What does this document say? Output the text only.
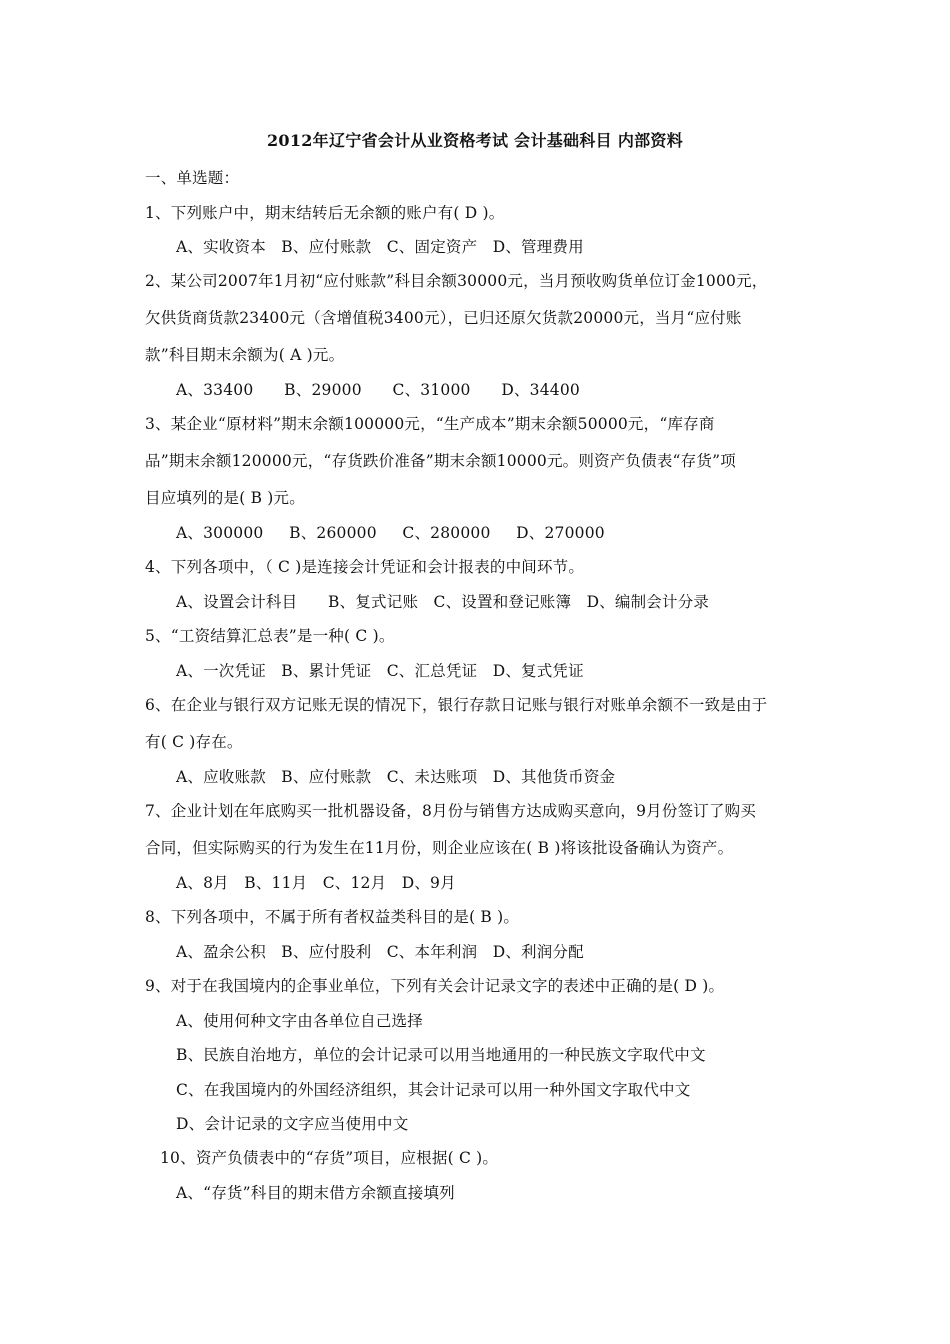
2012年辽宁省会计从业资格考试 会计基础科目 内部资料
一、单选题：
1、下列账户中，期末结转后无余额的账户有( D )。
A、实收资本   B、应付账款   C、固定资产   D、管理费用
2、某公司2007年1月初“应付账款”科目余额30000元，当月预收购货单位订金1000元，
欠供货商货款23400元（含增值税3400元），已归还原欠货款20000元，当月“应付账
款”科目期末余额为( A )元。
A、33400      B、29000      C、31000      D、34400
3、某企业“原材料”期末余额100000元，“生产成本”期末余额50000元，“库存商
品”期末余额120000元，“存货跌价准备”期末余额10000元。则资产负债表“存货”项
目应填列的是( B )元。
A、300000     B、260000     C、280000     D、270000
4、下列各项中，（ C )是连接会计凭证和会计报表的中间环节。
A、设置会计科目      B、复式记账   C、设置和登记账簿   D、编制会计分录
5、“工资结算汇总表”是一种( C )。
A、一次凭证   B、累计凭证   C、汇总凭证   D、复式凭证
6、在企业与银行双方记账无误的情况下，银行存款日记账与银行对账单余额不一致是由于
有( C )存在。
A、应收账款   B、应付账款   C、未达账项   D、其他货币资金
7、企业计划在年底购买一批机器设备，8月份与销售方达成购买意向，9月份签订了购买
合同，但实际购买的行为发生在11月份，则企业应该在( B )将该批设备确认为资产。
A、8月   B、11月   C、12月   D、9月
8、下列各项中，不属于所有者权益类科目的是( B )。
A、盈余公积   B、应付股利   C、本年利润   D、利润分配
9、对于在我国境内的企事业单位，下列有关会计记录文字的表述中正确的是( D )。
A、使用何种文字由各单位自己选择
B、民族自治地方，单位的会计记录可以用当地通用的一种民族文字取代中文
C、在我国境内的外国经济组织，其会计记录可以用一种外国文字取代中文
D、会计记录的文字应当使用中文
10、资产负债表中的“存货”项目，应根据( C )。
A、“存货”科目的期末借方余额直接填列
